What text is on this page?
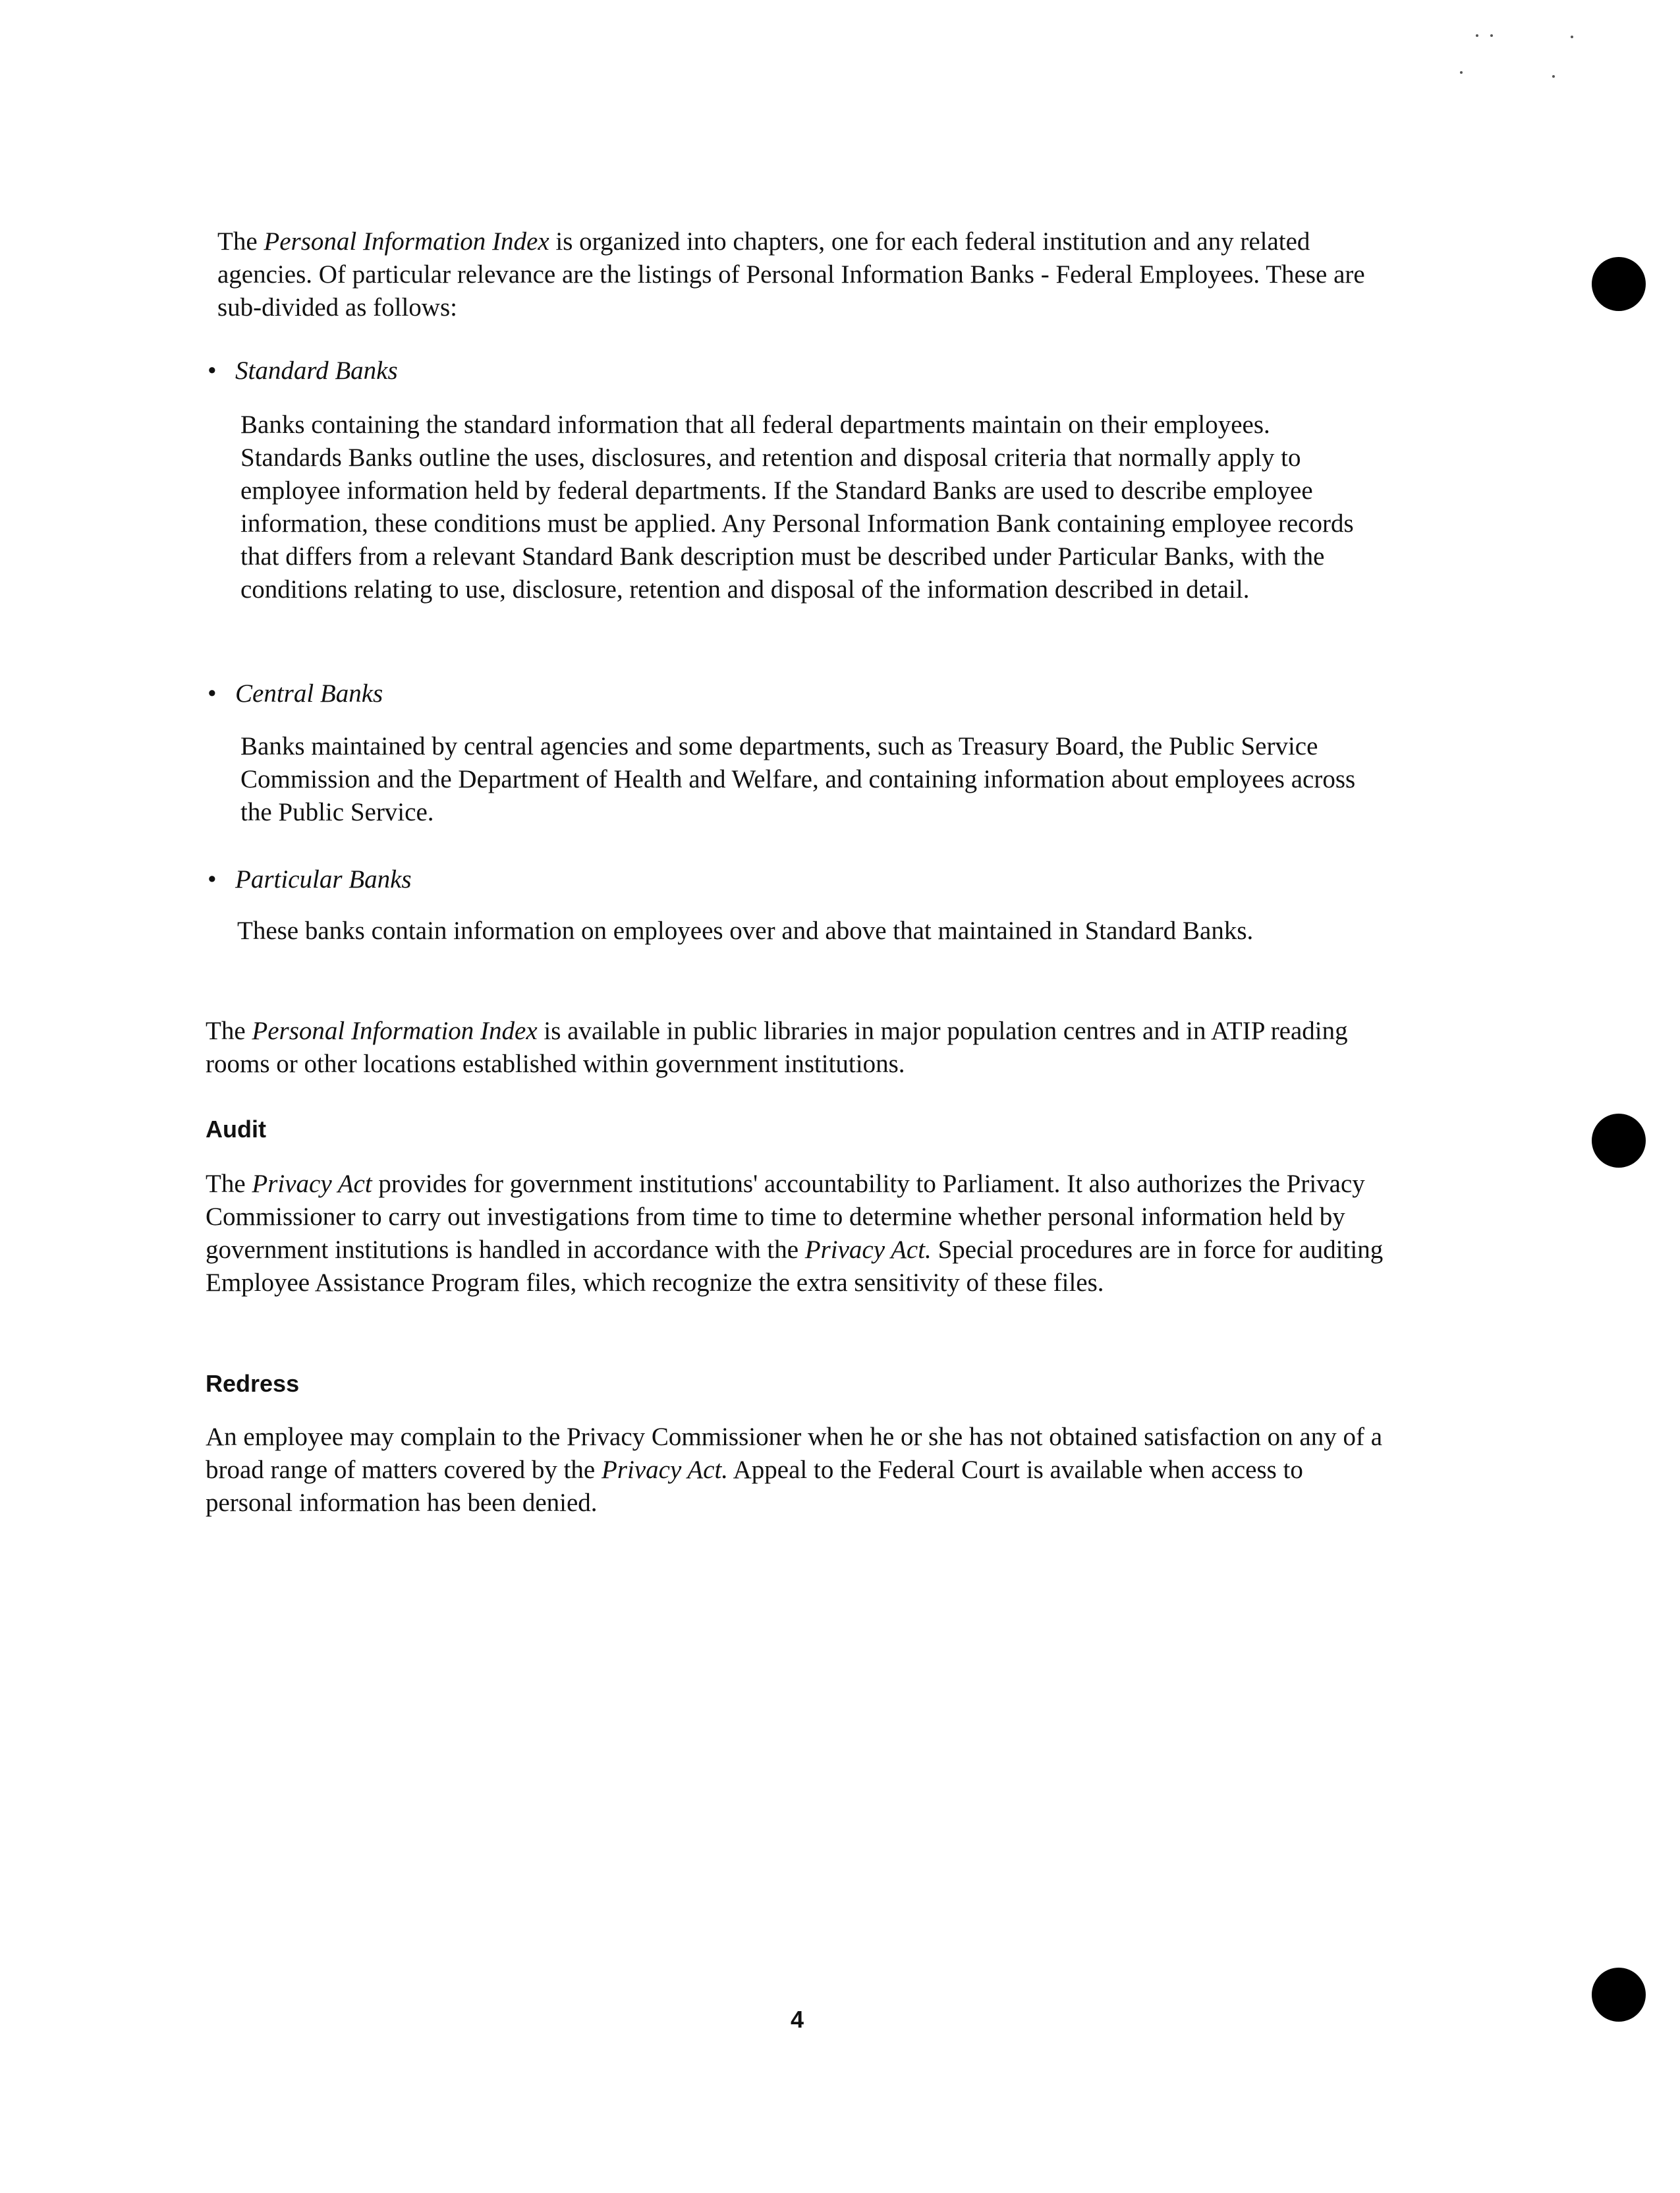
The Personal Information Index is organized into chapters, one for each federal institution and any related agencies. Of particular relevance are the listings of Personal Information Banks - Federal Employees. These are sub-divided as follows:

• Standard Banks

Banks containing the standard information that all federal departments maintain on their employees. Standards Banks outline the uses, disclosures, and retention and disposal criteria that normally apply to employee information held by federal departments. If the Standard Banks are used to describe employee information, these conditions must be applied. Any Personal Information Bank containing employee records that differs from a relevant Standard Bank description must be described under Particular Banks, with the conditions relating to use, disclosure, retention and disposal of the information described in detail.

• Central Banks

Banks maintained by central agencies and some departments, such as Treasury Board, the Public Service Commission and the Department of Health and Welfare, and containing information about employees across the Public Service.

• Particular Banks

These banks contain information on employees over and above that maintained in Standard Banks.

The Personal Information Index is available in public libraries in major population centres and in ATIP reading rooms or other locations established within government institutions.

Audit

The Privacy Act provides for government institutions' accountability to Parliament. It also authorizes the Privacy Commissioner to carry out investigations from time to time to determine whether personal information held by government institutions is handled in accordance with the Privacy Act. Special procedures are in force for auditing Employee Assistance Program files, which recognize the extra sensitivity of these files.

Redress

An employee may complain to the Privacy Commissioner when he or she has not obtained satisfaction on any of a broad range of matters covered by the Privacy Act. Appeal to the Federal Court is available when access to personal information has been denied.

4
